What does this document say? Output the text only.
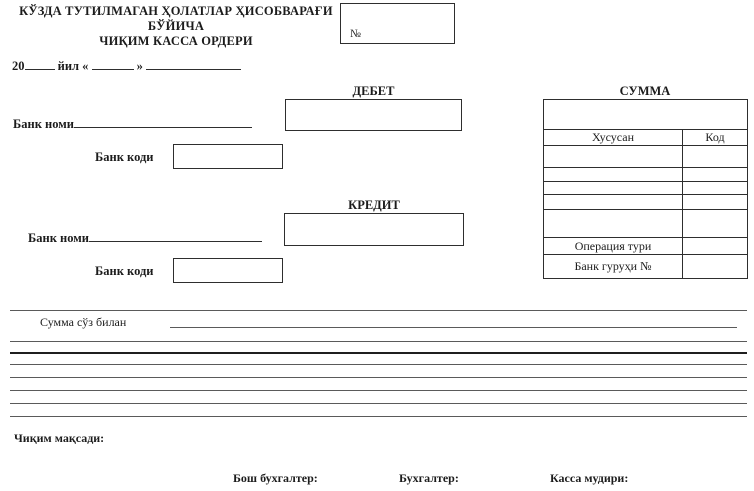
КЎЗДА ТУТИЛМАГАН ҲОЛАТЛАР ҲИСОБВАРАҒИ
БЎЙИЧА
ЧИҚИМ КАССА ОРДЕРИ	№
20	йил «	»
ДЕБЕТ
Банк номи
Банк коди
КРЕДИТ
Банк номи
Банк коди
СУММА

Хусусан	Код

Операция тури	
Банк гуруҳи №	
Сумма сўз билан
Чиқим мақсади:
Бош бухгалтер:	Бухгалтер:	Касса мудири:
